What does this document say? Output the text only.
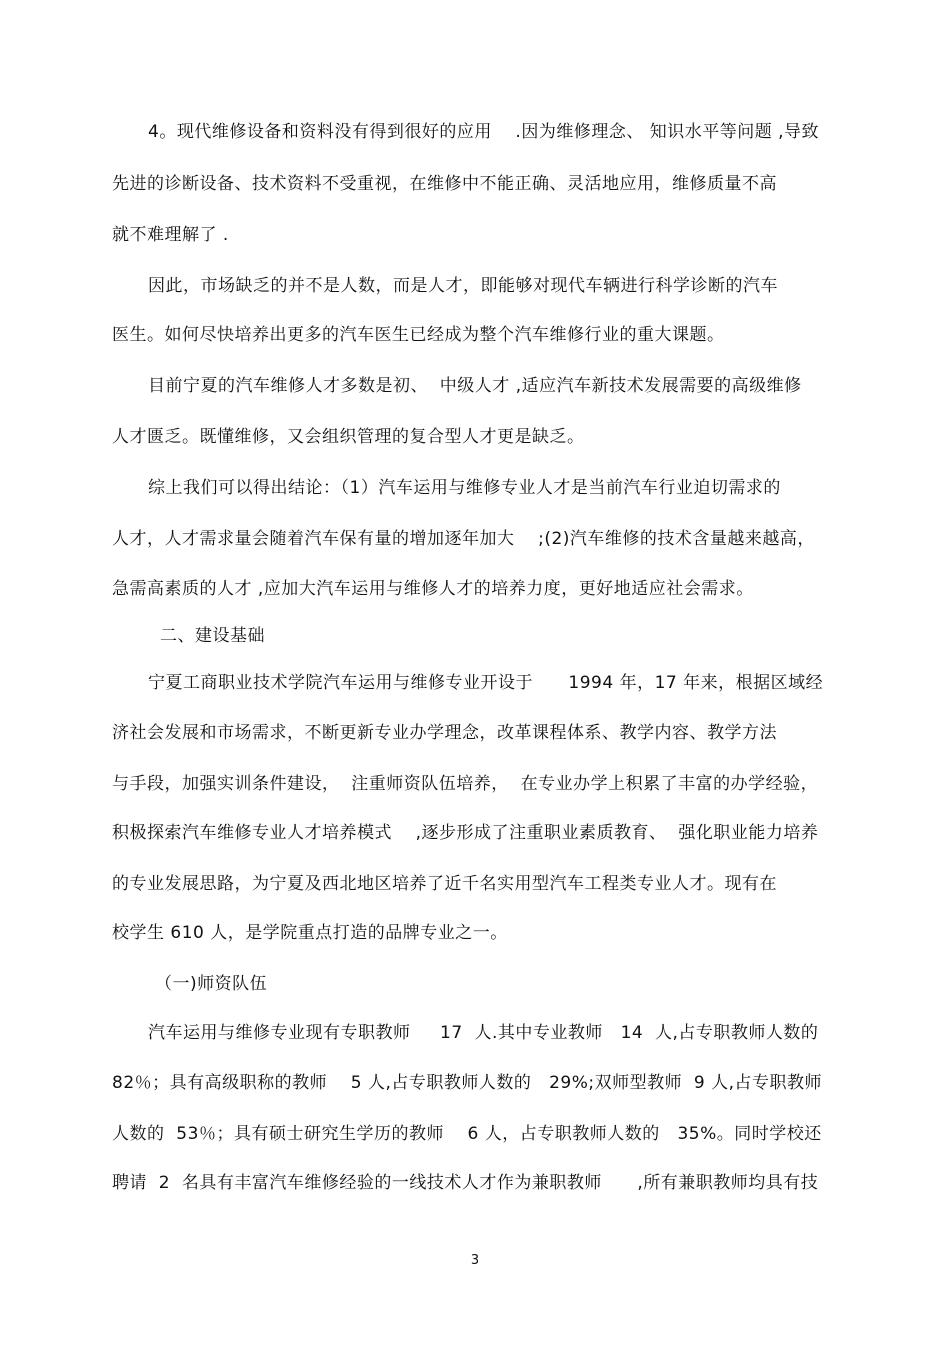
4。现代维修设备和资料没有得到很好的应用    .因为维修理念、 知识水平等问题 ,导致
先进的诊断设备、技术资料不受重视，在维修中不能正确、灵活地应用，维修质量不高
就不难理解了 .
因此，市场缺乏的并不是人数，而是人才，即能够对现代车辆进行科学诊断的汽车
医生。如何尽快培养出更多的汽车医生已经成为整个汽车维修行业的重大课题。
目前宁夏的汽车维修人才多数是初、  中级人才 ,适应汽车新技术发展需要的高级维修
人才匮乏。既懂维修，又会组织管理的复合型人才更是缺乏。
综上我们可以得出结论：（1）汽车运用与维修专业人才是当前汽车行业迫切需求的
人才，人才需求量会随着汽车保有量的增加逐年加大    ;(2)汽车维修的技术含量越来越高，
急需高素质的人才 ,应加大汽车运用与维修人才的培养力度，更好地适应社会需求。
二、建设基础
宁夏工商职业技术学院汽车运用与维修专业开设于      1994 年，17 年来，根据区域经
济社会发展和市场需求，不断更新专业办学理念，改革课程体系、教学内容、教学方法
与手段，加强实训条件建设，  注重师资队伍培养，  在专业办学上积累了丰富的办学经验，
积极探索汽车维修专业人才培养模式    ,逐步形成了注重职业素质教育、  强化职业能力培养
的专业发展思路，为宁夏及西北地区培养了近千名实用型汽车工程类专业人才。现有在
校学生 610 人，是学院重点打造的品牌专业之一。
（一)师资队伍
汽车运用与维修专业现有专职教师     17  人.其中专业教师   14  人,占专职教师人数的
82％；具有高级职称的教师    5 人,占专职教师人数的   29%;双师型教师  9 人,占专职教师
人数的  53％；具有硕士研究生学历的教师    6 人，占专职教师人数的   35%。同时学校还
聘请  2  名具有丰富汽车维修经验的一线技术人才作为兼职教师      ,所有兼职教师均具有技
3
